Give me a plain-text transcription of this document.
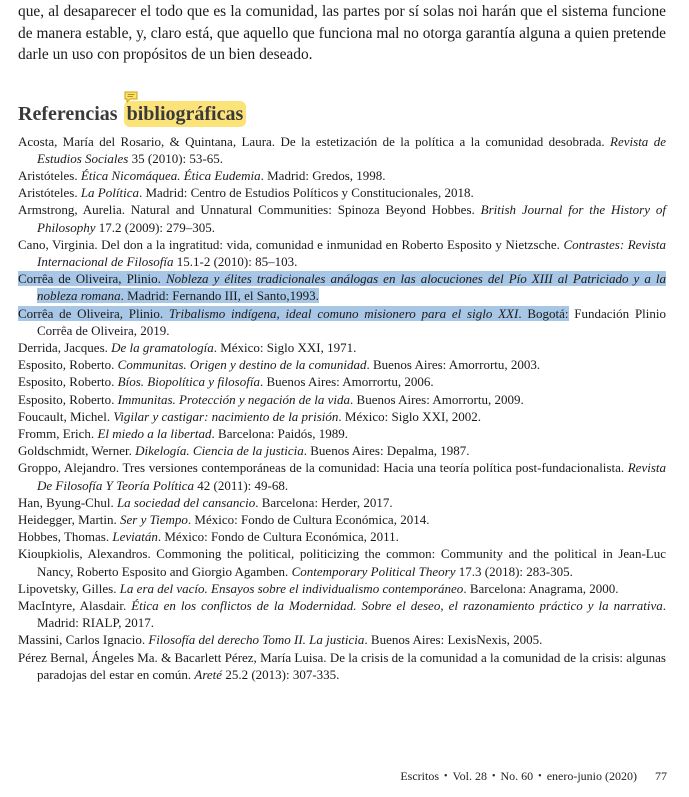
que, al desaparecer el todo que es la comunidad, las partes por sí solas noi harán que el sistema funcione de manera estable, y, claro está, que aquello que funciona mal no otorga garantía alguna a quien pretende darle un uso con propósitos de un bien deseado.

Referencias bibliográficas

Acosta, María del Rosario, & Quintana, Laura. De la estetización de la política a la comunidad desobrada. Revista de Estudios Sociales 35 (2010): 53-65.

Aristóteles. Ética Nicomáquea. Ética Eudemia. Madrid: Gredos, 1998.

Aristóteles. La Política. Madrid: Centro de Estudios Políticos y Constitucionales, 2018.

Armstrong, Aurelia. Natural and Unnatural Communities: Spinoza Beyond Hobbes. British Journal for the History of Philosophy 17.2 (2009): 279–305.

Cano, Virginia. Del don a la ingratitud: vida, comunidad e inmunidad en Roberto Esposito y Nietzsche. Contrastes: Revista Internacional de Filosofía 15.1-2 (2010): 85–103.

Corrêa de Oliveira, Plinio. Nobleza y élites tradicionales análogas en las alocuciones del Pío XIII al Patriciado y a la nobleza romana. Madrid: Fernando III, el Santo,1993.

Corrêa de Oliveira, Plinio. Tribalismo indígena, ideal comuno misionero para el siglo XXI. Bogotá: Fundación Plinio Corrêa de Oliveira, 2019.

Derrida, Jacques. De la gramatología. México: Siglo XXI, 1971.

Esposito, Roberto. Communitas. Origen y destino de la comunidad. Buenos Aires: Amorrortu, 2003.

Esposito, Roberto. Bíos. Biopolítica y filosofía. Buenos Aires: Amorrortu, 2006.

Esposito, Roberto. Immunitas. Protección y negación de la vida. Buenos Aires: Amorrortu, 2009.

Foucault, Michel. Vigilar y castigar: nacimiento de la prisión. México: Siglo XXI, 2002.

Fromm, Erich. El miedo a la libertad. Barcelona: Paidós, 1989.

Goldschmidt, Werner. Dikelogía. Ciencia de la justicia. Buenos Aires: Depalma, 1987.

Groppo, Alejandro. Tres versiones contemporáneas de la comunidad: Hacia una teoría política post-fundacionalista. Revista De Filosofía Y Teoría Política 42 (2011): 49-68.

Han, Byung-Chul. La sociedad del cansancio. Barcelona: Herder, 2017.

Heidegger, Martin. Ser y Tiempo. México: Fondo de Cultura Económica, 2014.

Hobbes, Thomas. Leviatán. México: Fondo de Cultura Económica, 2011.

Kioupkiolis, Alexandros. Commoning the political, politicizing the common: Community and the political in Jean-Luc Nancy, Roberto Esposito and Giorgio Agamben. Contemporary Political Theory 17.3 (2018): 283-305.

Lipovetsky, Gilles. La era del vacío. Ensayos sobre el individualismo contemporáneo. Barcelona: Anagrama, 2000.

MacIntyre, Alasdair. Ética en los conflictos de la Modernidad. Sobre el deseo, el razonamiento práctico y la narrativa. Madrid: RIALP, 2017.

Massini, Carlos Ignacio. Filosofía del derecho Tomo II. La justicia. Buenos Aires: LexisNexis, 2005.

Pérez Bernal, Ángeles Ma. & Bacarlett Pérez, María Luisa. De la crisis de la comunidad a la comunidad de la crisis: algunas paradojas del estar en común. Areté 25.2 (2013): 307-335.

Escritos • Vol. 28 • No. 60 • enero-junio (2020) 77
